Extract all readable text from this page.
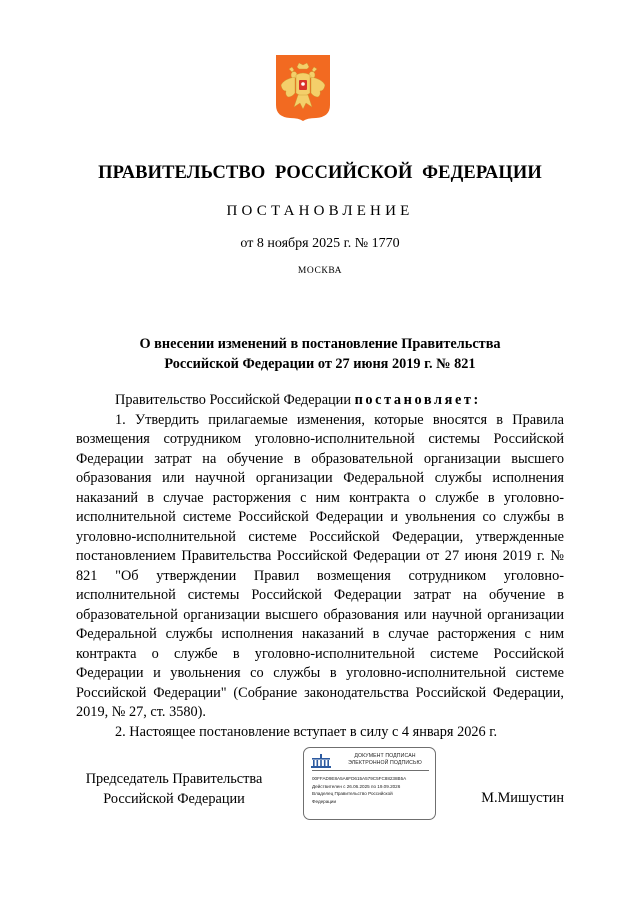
ПРАВИТЕЛЬСТВО РОССИЙСКОЙ ФЕДЕРАЦИИ
ПОСТАНОВЛЕНИЕ
от 8 ноября 2025 г. № 1770
МОСКВА
О внесении изменений в постановление Правительства
Российской Федерации от 27 июня 2019 г. № 821

Правительство Российской Федерации постановляет:

1. Утвердить прилагаемые изменения, которые вносятся в Правила возмещения сотрудником уголовно-исполнительной системы Российской Федерации затрат на обучение в образовательной организации высшего образования или научной организации Федеральной службы исполнения наказаний в случае расторжения с ним контракта о службе в уголовно-исполнительной системе Российской Федерации и увольнения со службы в уголовно-исполнительной системе Российской Федерации, утвержденные постановлением Правительства Российской Федерации от 27 июня 2019 г. № 821 "Об утверждении Правил возмещения сотрудником уголовно-исполнительной системы Российской Федерации затрат на обучение в образовательной организации высшего образования или научной организации Федеральной службы исполнения наказаний в случае расторжения с ним контракта о службе в уголовно-исполнительной системе Российской Федерации и увольнения со службы в уголовно-исполнительной системе Российской Федерации" (Собрание законодательства Российской Федерации, 2019, № 27, ст. 3580).

2. Настоящее постановление вступает в силу с 4 января 2026 г.

Председатель Правительства
Российской Федерации
ДОКУМЕНТ ПОДПИСАН
ЭЛЕКТРОННОЙ ПОДПИСЬЮ
00FFAD9E8A5A6FD615A579C5FC88238B5A
Действителен с 26.06.2025 по 19.09.2026
Владелец Правительство Российской
Федерации	М.Мишустин
